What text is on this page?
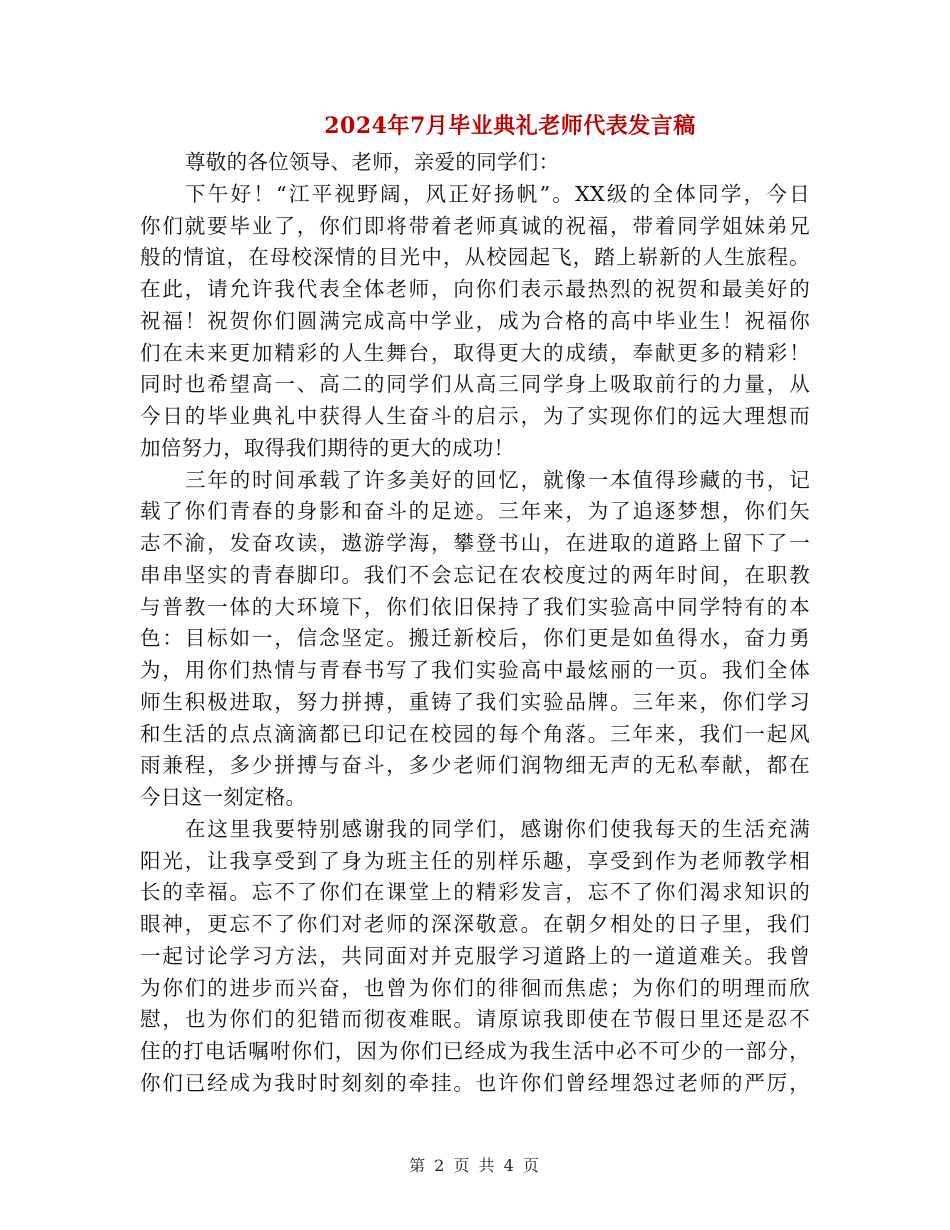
2024年7月毕业典礼老师代表发言稿
尊敬的各位领导、老师，亲爱的同学们：
下午好！“江平视野阔，风正好扬帆”。XX级的全体同学，今日
你们就要毕业了，你们即将带着老师真诚的祝福，带着同学姐妹弟兄
般的情谊，在母校深情的目光中，从校园起飞，踏上崭新的人生旅程。
在此，请允许我代表全体老师，向你们表示最热烈的祝贺和最美好的
祝福！祝贺你们圆满完成高中学业，成为合格的高中毕业生！祝福你
们在未来更加精彩的人生舞台，取得更大的成绩，奉献更多的精彩！
同时也希望高一、高二的同学们从高三同学身上吸取前行的力量，从
今日的毕业典礼中获得人生奋斗的启示，为了实现你们的远大理想而
加倍努力，取得我们期待的更大的成功！
三年的时间承载了许多美好的回忆，就像一本值得珍藏的书，记
载了你们青春的身影和奋斗的足迹。三年来，为了追逐梦想，你们矢
志不渝，发奋攻读，遨游学海，攀登书山，在进取的道路上留下了一
串串坚实的青春脚印。我们不会忘记在农校度过的两年时间，在职教
与普教一体的大环境下，你们依旧保持了我们实验高中同学特有的本
色：目标如一，信念坚定。搬迁新校后，你们更是如鱼得水，奋力勇
为，用你们热情与青春书写了我们实验高中最炫丽的一页。我们全体
师生积极进取，努力拼搏，重铸了我们实验品牌。三年来，你们学习
和生活的点点滴滴都已印记在校园的每个角落。三年来，我们一起风
雨兼程，多少拼搏与奋斗，多少老师们润物细无声的无私奉献，都在
今日这一刻定格。
在这里我要特别感谢我的同学们，感谢你们使我每天的生活充满
阳光，让我享受到了身为班主任的别样乐趣，享受到作为老师教学相
长的幸福。忘不了你们在课堂上的精彩发言，忘不了你们渴求知识的
眼神，更忘不了你们对老师的深深敬意。在朝夕相处的日子里，我们
一起讨论学习方法，共同面对并克服学习道路上的一道道难关。我曾
为你们的进步而兴奋，也曾为你们的徘徊而焦虑；为你们的明理而欣
慰，也为你们的犯错而彻夜难眠。请原谅我即使在节假日里还是忍不
住的打电话嘱咐你们，因为你们已经成为我生活中必不可少的一部分，
你们已经成为我时时刻刻的牵挂。也许你们曾经埋怨过老师的严厉，
第 2 页 共 4 页
